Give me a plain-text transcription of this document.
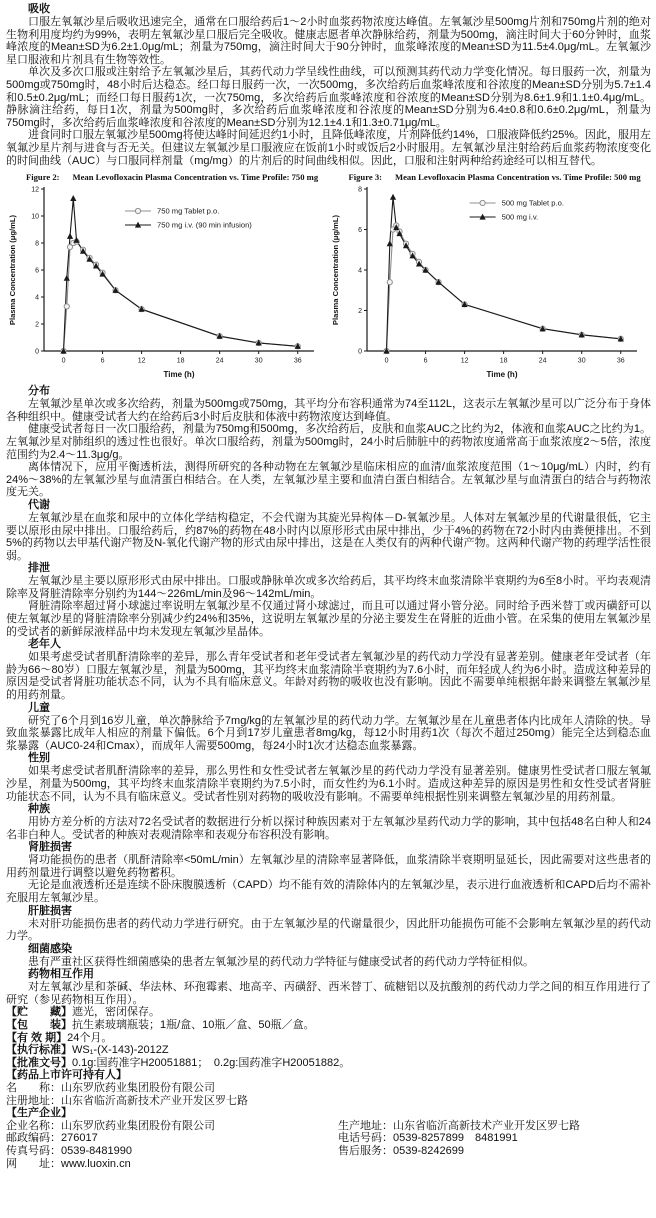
吸收

口服左氧氟沙星后吸收迅速完全，通常在口服给药后1～2小时血浆药物浓度达峰值。左氧氟沙星500mg片剂和750mg片剂的绝对生物利用度均约为99%，表明左氧氟沙星口服后完全吸收。健康志愿者单次静脉给药，剂量为500mg，滴注时间大于60分钟时，血浆峰浓度的Mean±SD为6.2±1.0μg/mL；剂量为750mg，滴注时间大于90分钟时，血浆峰浓度的Mean±SD为11.5±4.0μg/mL。左氧氟沙星口服液和片剂具有生物等效性。

单次及多次口服或注射给予左氧氟沙星后，其药代动力学呈线性曲线，可以预测其药代动力学变化情况。每日服药一次，剂量为500mg或750mg时，48小时后达稳态。经口每日服药一次，一次500mg，多次给药后血浆峰浓度和谷浓度的Mean±SD分别为5.7±1.4和0.5±0.2μg/mL；而经口每日服药1次，一次750mg，多次给药后血浆峰浓度和谷浓度的Mean±SD分别为8.6±1.9和1.1±0.4μg/mL。静脉滴注给药，每日1次，剂量为500mg时，多次给药后血浆峰浓度和谷浓度的Mean±SD分别为6.4±0.8和0.6±0.2μg/mL，剂量为750mg时，多次给药后血浆峰浓度和谷浓度的Mean±SD分别为12.1±4.1和1.3±0.71μg/mL。

进食同时口服左氧氟沙星500mg将使达峰时间延迟约1小时，且降低峰浓度，片剂降低约14%，口服液降低约25%。因此，服用左氧氟沙星片剂与进食与否无关。但建议左氧氟沙星口服液应在饭前1小时或饭后2小时服用。左氧氟沙星注射给药后血浆药物浓度变化的时间曲线（AUC）与口服同样剂量（mg/mg）的片剂后的时间曲线相似。因此，口服和注射两种给药途经可以相互替代。

Figure 2: Mean Levofloxacin Plasma Concentration vs. Time Profile: 750 mg
0
2
4
6
8
10
12
0	6	12	18	24	30	36
Time (h)
Plasma Concentration (μg/mL)
750 mg Tablet p.o.
750 mg i.v. (90 min infusion)
Figure 3: Mean Levofloxacin Plasma Concentration vs. Time Profile: 500 mg
0
2
4
6
8
0	6	12	18	24	30	36
Time (h)
Plasma Concentration (μg/mL)
500 mg Tablet p.o.
500 mg i.v.
分布

左氧氟沙星单次或多次给药，剂量为500mg或750mg，其平均分布容积通常为74至112L，这表示左氧氟沙星可以广泛分布于身体各种组织中。健康受试者大约在给药后3小时后皮肤和体液中药物浓度达到峰值。

健康受试者每日一次口服给药，剂量为750mg和500mg，多次给药后，皮肤和血浆AUC之比约为2，体液和血浆AUC之比约为1。左氧氟沙星对肺组织的透过性也很好。单次口服给药，剂量为500mg时，24小时后肺脏中的药物浓度通常高于血浆浓度2～5倍，浓度范围约为2.4～11.3μg/g。

离体情况下，应用平衡透析法，测得所研究的各种动物在左氧氟沙星临床相应的血清/血浆浓度范围（1～10μg/mL）内时，约有24%～38%的左氧氟沙星与血清蛋白相结合。在人类，左氧氟沙星主要和血清白蛋白相结合。左氧氟沙星与血清蛋白的结合与药物浓度无关。

代谢

左氧氟沙星在血浆和尿中的立体化学结构稳定，不会代谢为其旋光异构体－D-氧氟沙星。人体对左氧氟沙星的代谢量很低，它主要以原形由尿中排出。口服给药后，约87%的药物在48小时内以原形形式由尿中排出，少于4%的药物在72小时内由粪便排出。不到5%的药物以去甲基代谢产物及N-氧化代谢产物的形式由尿中排出，这是在人类仅有的两种代谢产物。这两种代谢产物的药理学活性很弱。

排泄

左氧氟沙星主要以原形形式由尿中排出。口服或静脉单次或多次给药后，其平均终末血浆清除半衰期约为6至8小时。平均表观清除率及肾脏清除率分别约为144～226mL/min及96～142mL/min。

肾脏清除率超过肾小球滤过率说明左氧氟沙星不仅通过肾小球滤过，而且可以通过肾小管分泌。同时给予西米替丁或丙磺舒可以使左氧氟沙星的肾脏清除率分别减少约24%和35%，这说明左氧氟沙星的分泌主要发生在肾脏的近曲小管。在采集的使用左氧氟沙星的受试者的新鲜尿液样品中均未发现左氧氟沙星晶体。

老年人

如果考虑受试者肌酐清除率的差异，那么青年受试者和老年受试者左氧氟沙星的药代动力学没有显著差别。健康老年受试者（年龄为66～80岁）口服左氧氟沙星，剂量为500mg，其平均终末血浆清除半衰期约为7.6小时，而年轻成人约为6小时。造成这种差异的原因是受试者肾脏功能状态不同，认为不具有临床意义。年龄对药物的吸收也没有影响。因此不需要单纯根据年龄来调整左氧氟沙星的用药剂量。

儿童

研究了6个月到16岁儿童，单次静脉给予7mg/kg的左氧氟沙星的药代动力学。左氧氟沙星在儿童患者体内比成年人清除的快。导致血浆暴露比成年人相应的剂量下偏低。6个月到17岁儿童患者8mg/kg，每12小时用药1次（每次不超过250mg）能完全达到稳态血浆暴露（AUC0-24和Cmax），而成年人需要500mg，每24小时1次才达稳态血浆暴露。

性别

如果考虑受试者肌酐清除率的差异，那么男性和女性受试者左氧氟沙星的药代动力学没有显著差别。健康男性受试者口服左氧氟沙星，剂量为500mg，其平均终末血浆清除半衰期约为7.5小时，而女性约为6.1小时。造成这种差异的原因是男性和女性受试者肾脏功能状态不同，认为不具有临床意义。受试者性别对药物的吸收没有影响。不需要单纯根据性别来调整左氧氟沙星的用药剂量。

种族

用协方差分析的方法对72名受试者的数据进行分析以探讨种族因素对于左氧氟沙星药代动力学的影响，其中包括48名白种人和24名非白种人。受试者的种族对表观清除率和表观分布容积没有影响。

肾脏损害

肾功能损伤的患者（肌酐清除率<50mL/min）左氧氟沙星的清除率显著降低，血浆清除半衰期明显延长，因此需要对这些患者的用药剂量进行调整以避免药物蓄积。

无论是血液透析还是连续不卧床腹膜透析（CAPD）均不能有效的清除体内的左氧氟沙星，表示进行血液透析和CAPD后均不需补充服用左氧氟沙星。

肝脏损害

未对肝功能损伤患者的药代动力学进行研究。由于左氧氟沙星的代谢量很少，因此肝功能损伤可能不会影响左氧氟沙星的药代动力学。

细菌感染

患有严重社区获得性细菌感染的患者左氧氟沙星的药代动力学特征与健康受试者的药代动力学特征相似。

药物相互作用

对左氧氟沙星和茶碱、华法林、环孢霉素、地高辛、丙磺舒、西米替丁、硫糖铝以及抗酸剂的药代动力学之间的相互作用进行了研究（参见药物相互作用）。

【贮　　藏】遮光，密闭保存。

【包　　装】抗生素玻璃瓶装；1瓶/盒、10瓶／盒、50瓶／盒。

【有 效 期】24个月。

【执行标准】WS₁-(X-143)-2012Z

【批准文号】0.1g:国药准字H20051881；　0.2g:国药准字H20051882。

【药品上市许可持有人】

名　　称：山东罗欣药业集团股份有限公司

注册地址：山东省临沂高新技术产业开发区罗七路

【生产企业】

企业名称：山东罗欣药业集团股份有限公司	生产地址：山东省临沂高新技术产业开发区罗七路

邮政编码：276017	电话号码：0539-8257899　8481991

传真号码：0539-8481990	售后服务：0539-8242699

网　　址：www.luoxin.cn
